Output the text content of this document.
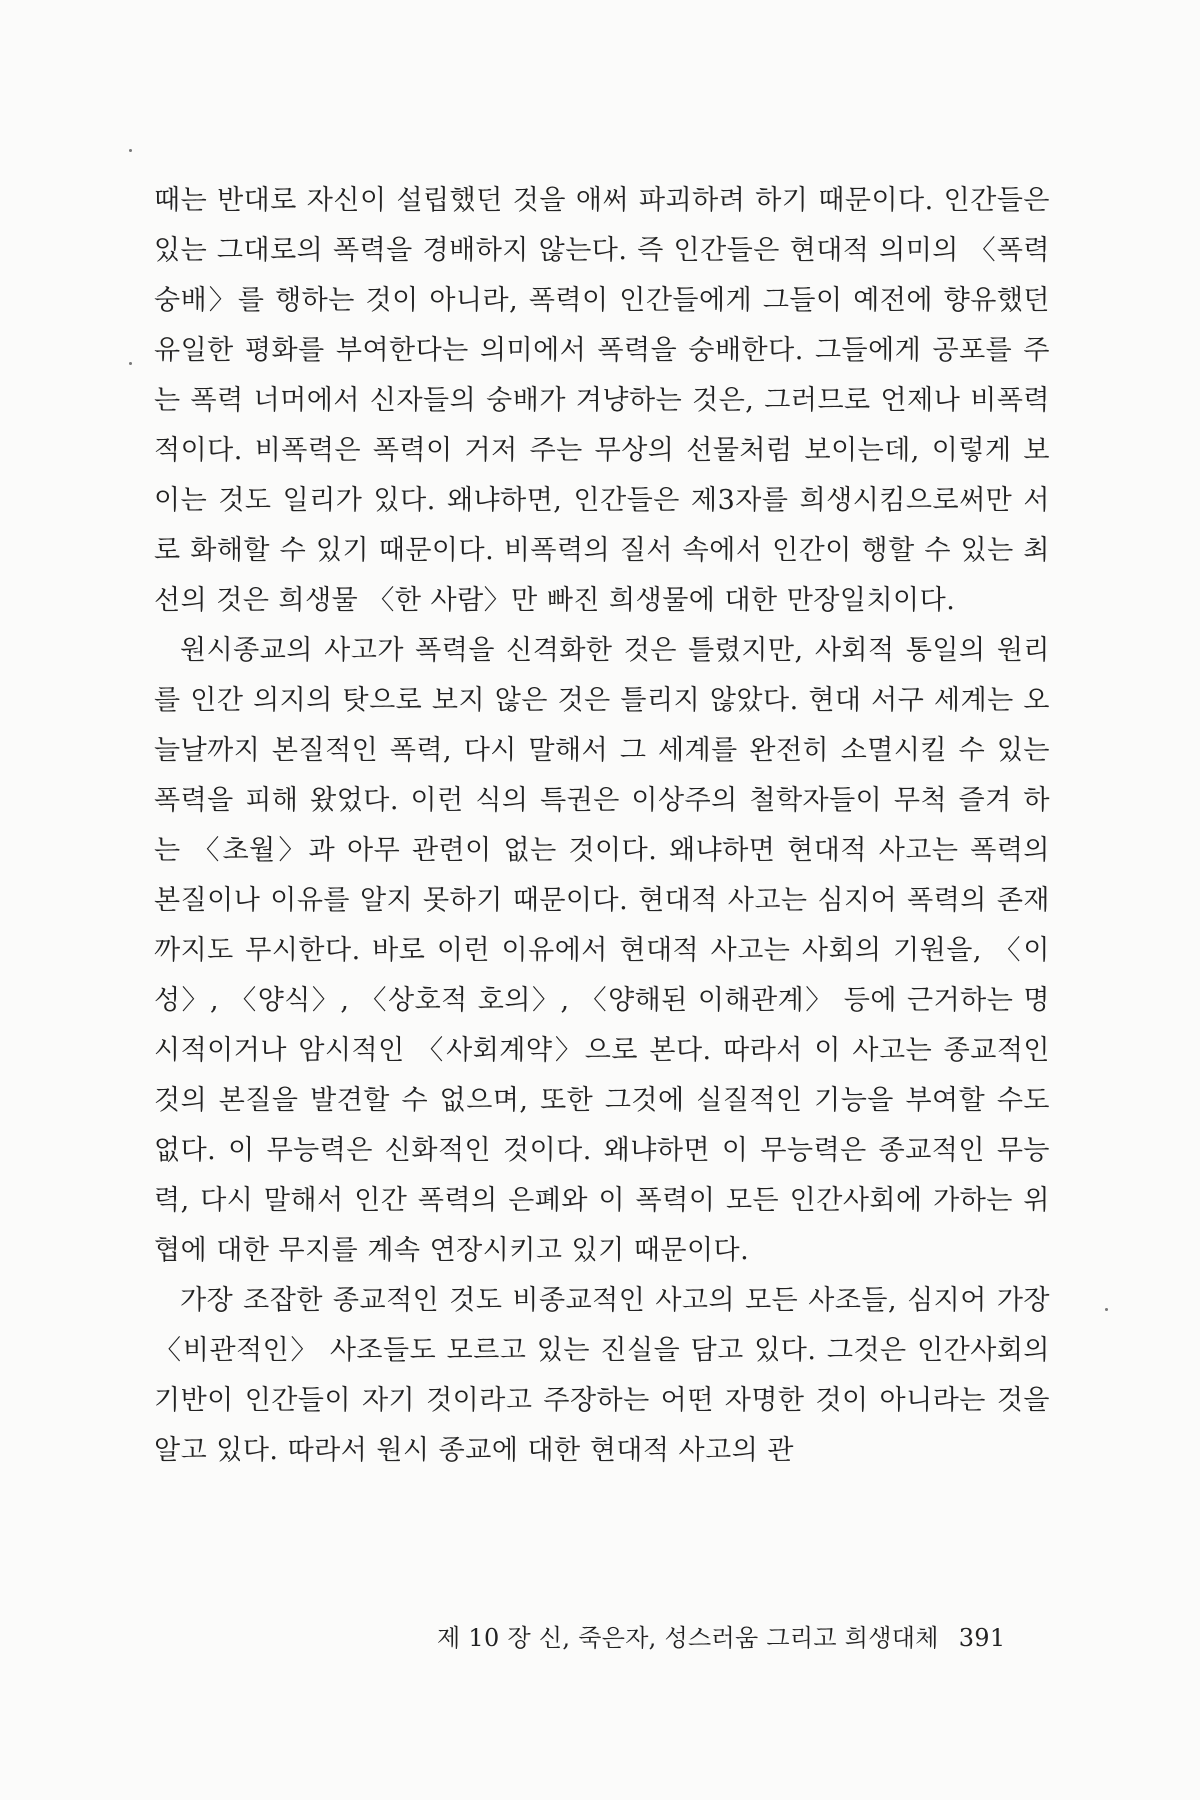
때는 반대로 자신이 설립했던 것을 애써 파괴하려 하기 때문이다. 인간들은 있는 그대로의 폭력을 경배하지 않는다. 즉 인간들은 현대적 의미의 〈폭력 숭배〉를 행하는 것이 아니라, 폭력이 인간들에게 그들이 예전에 향유했던 유일한 평화를 부여한다는 의미에서 폭력을 숭배한다. 그들에게 공포를 주는 폭력 너머에서 신자들의 숭배가 겨냥하는 것은, 그러므로 언제나 비폭력적이다. 비폭력은 폭력이 거저 주는 무상의 선물처럼 보이는데, 이렇게 보이는 것도 일리가 있다. 왜냐하면, 인간들은 제3자를 희생시킴으로써만 서로 화해할 수 있기 때문이다. 비폭력의 질서 속에서 인간이 행할 수 있는 최선의 것은 희생물 〈한 사람〉만 빠진 희생물에 대한 만장일치이다.

원시종교의 사고가 폭력을 신격화한 것은 틀렸지만, 사회적 통일의 원리를 인간 의지의 탓으로 보지 않은 것은 틀리지 않았다. 현대 서구 세계는 오늘날까지 본질적인 폭력, 다시 말해서 그 세계를 완전히 소멸시킬 수 있는 폭력을 피해 왔었다. 이런 식의 특권은 이상주의 철학자들이 무척 즐겨 하는 〈초월〉과 아무 관련이 없는 것이다. 왜냐하면 현대적 사고는 폭력의 본질이나 이유를 알지 못하기 때문이다. 현대적 사고는 심지어 폭력의 존재까지도 무시한다. 바로 이런 이유에서 현대적 사고는 사회의 기원을, 〈이성〉, 〈양식〉, 〈상호적 호의〉, 〈양해된 이해관계〉 등에 근거하는 명시적이거나 암시적인 〈사회계약〉으로 본다. 따라서 이 사고는 종교적인 것의 본질을 발견할 수 없으며, 또한 그것에 실질적인 기능을 부여할 수도 없다. 이 무능력은 신화적인 것이다. 왜냐하면 이 무능력은 종교적인 무능력, 다시 말해서 인간 폭력의 은폐와 이 폭력이 모든 인간사회에 가하는 위협에 대한 무지를 계속 연장시키고 있기 때문이다.

가장 조잡한 종교적인 것도 비종교적인 사고의 모든 사조들, 심지어 가장 〈비관적인〉 사조들도 모르고 있는 진실을 담고 있다. 그것은 인간사회의 기반이 인간들이 자기 것이라고 주장하는 어떤 자명한 것이 아니라는 것을 알고 있다. 따라서 원시 종교에 대한 현대적 사고의 관

제 10 장 신, 죽은자, 성스러움 그리고 희생대체 391
